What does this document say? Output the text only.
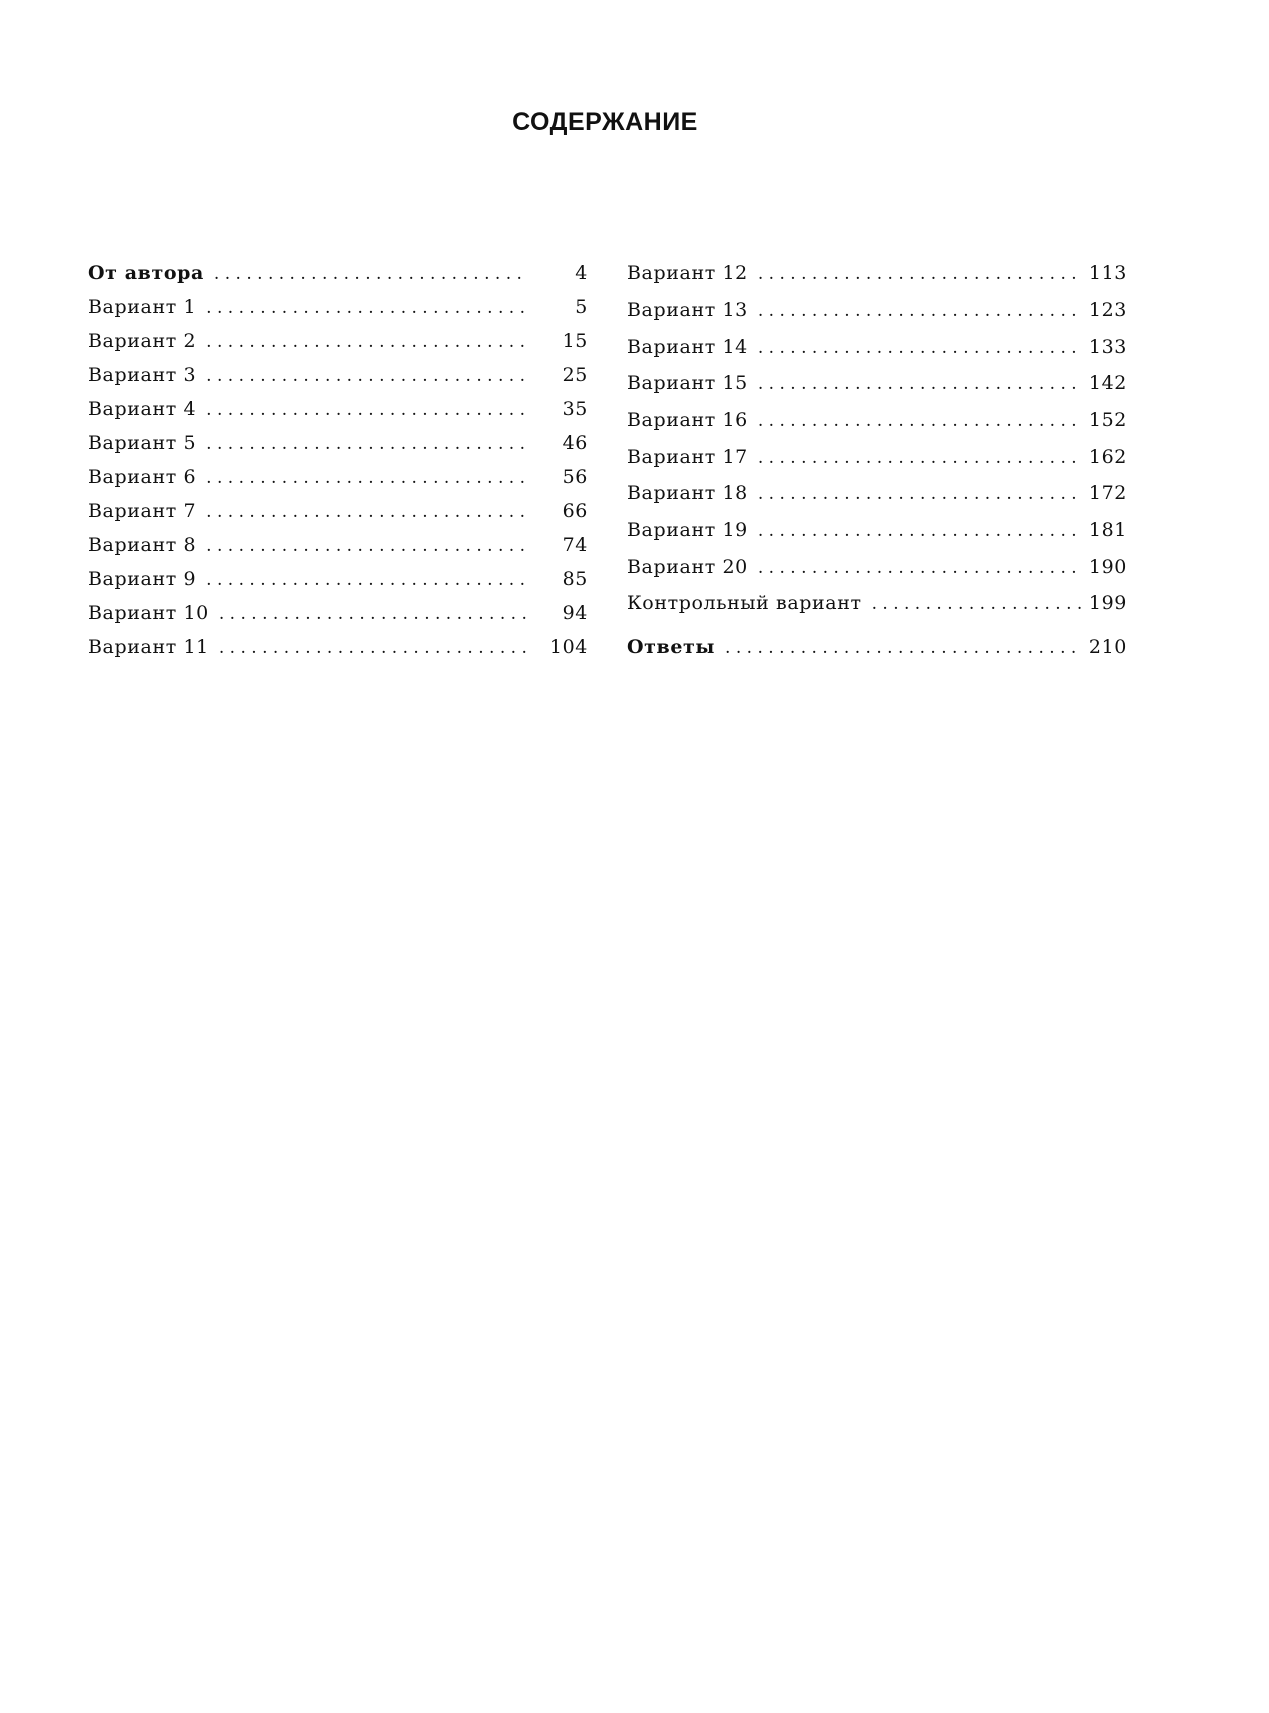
СОДЕРЖАНИЕ
От автора . . .	4
Вариант 1 . . .	5
Вариант 2 . . .	15
Вариант 3 . . .	25
Вариант 4 . . .	35
Вариант 5 . . .	46
Вариант 6 . . .	56
Вариант 7 . . .	66
Вариант 8 . . .	74
Вариант 9 . . .	85
Вариант 10 . . .	94
Вариант 11 . . .	104
Вариант 12 . . .	113
Вариант 13 . . .	123
Вариант 14 . . .	133
Вариант 15 . . .	142
Вариант 16 . . .	152
Вариант 17 . . .	162
Вариант 18 . . .	172
Вариант 19 . . .	181
Вариант 20 . . .	190
Контрольный вариант . . .	199
Ответы . . .	210
